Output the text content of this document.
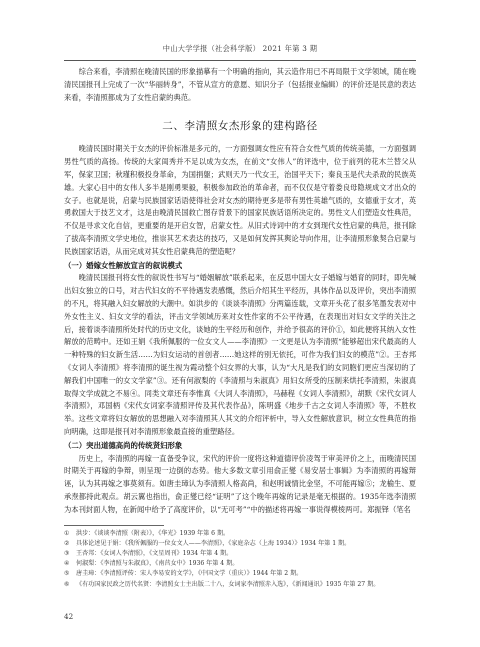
中山大学学报（社会科学版） 2021 年第 3 期

综合来看，李清照在晚清民国的形象描摹有一个明确的指向，其云造作用已不再局限于文学领域，随在晚清民国报刊上完成了一次“华丽转身”，不管从宣方的意愿、知识分子（包括报业编辑）的评价还是民意的表达来看，李清照都成为了女性启蒙的典范。

二、李清照女杰形象的建构路径

晚清民国时期关于女杰的评价标准是多元的，一方面强调女性应有符合女性气质的传统美德，一方面强调男性气质的高扬。传统的大家闺秀并不足以成为女杰，在前文“女伟人”的评选中，位于前列的花木兰替父从军，保家卫国；秋瑾积极投身革命，为国捐躯；武则天乃一代女王，治国平天下；秦良玉是代夫杀敌的民族英雄。大家心目中的女伟人多半是刚勇果毅，积极参加政治的革命者，而不仅仅是守着娄良母隐规成文才出众的女子。也就是说，启蒙与民族国家话语使得社会对女杰的期待更多是带有男性英雄气质的，女德重于女才，英勇救国大于技艺文才，这是由晚清民国救亡图存背景下的国家民族话语所决定的。男性文人们塑造女性典范，不仅是寻求文化自信，更重要的是开启女智，启蒙女性。从旧式诗词中的才女到现代女性启蒙的典范，报刊除了拔高李清照文学史地位，推崇其艺术表达的技巧，又是如何发挥其舆论导向作用，让李清照形象契合启蒙与民族国家话语，从而完成对其女性启蒙典范的塑造呢？

（一）婚嫁女性解放宣言的叙说模式

晚清民国报刊将女性的叙说性书写与“婚姻解放”联系起来，在反思中国大女子婚嫁与婚育的同时，即先喊出妇女独立的口号，对古代妇女的不平待遇发表感慨，然后介绍其生平经历，具体作品以及评价，突出李清照的不凡，将其融入妇女解放的大潮中。如洪步的《谈谈李清照》分两篇连载，文章开头花了很多笔墨发表对中外女性主义、妇女文学的看法，评击文学领域历来对女性作家的不公平待遇，在表现出对妇女文学的关注之后，接着谈李清照所处时代的历史文化，谈她的生平经历和创作，并给予很高的评价①，如此便将其纳入女性解放的范畴中。还如王娟《我所佩服的一位女文人——李清照》一文更是认为李清照“能够超出宋代最高的人一种特殊的妇女新生活……为妇女运动的首创者……她这样的别无依托，可作为我们妇女的模范”②。王杏邦《女词人李清照》将李清照的诞生视为霞动整个妇女界的大事，认为“大凡是我们的女同胞们更应当深切的了解我们中国唯一的女文学家”③。还有何淑梨的《李清照与朱淑真》用妇女所受的压制来烘托李清照，朱淑真取得文学成就之不易④。同类文章还有李惟真《大词人李清照》，马赫程《女词人李清照》，胡默《宋代女词人李清照》，邓国柄《宋代女词家李清照评传及其代表作品》，陈明盛《地步千古之女词人李清照》等，不胜枚举。这些文章将妇女解放的思想融入对李清照其人其文的介绍评析中，导入女性解放意识，树立女性典范的指向明确，这即是报刊对李清照形象最直接的重塑路径。

（二）突出道德高尚的传统贤妇形象

历史上，李清照的再嫁一直备受争议，宋代的评价一度将这种道德评价凌驾于审美评价之上，而晚清民国时期关于再嫁的争辩，则呈现一边倒的态势。他大多数文章引用俞正燮《易安居士事辑》为李清照的再嫁辩诬，认为其再嫁之事莫须有。如唐圭璋认为李清照人格高尚，和赵明诚情比金坚，不可能再嫁⑤；龙榆生、夏承焘都持此观点。胡云翼也指出，俞正燮已经“证明”了这个晚年再嫁的记录是毫无根据的。1935年选李清照为本刊封面人物，在新闻中给予了高度评价，以“无可考”“中的描述将再嫁一事说得模棱两可。郑振铎（笔名

① 洪步：《谈谈李清照（附表）》，《华光》1939 年第 6 期。
② 具体论述见于娟：《我所佩服的一位女文人——李清照》，《家庭杂志（上海 1934）》1934 年第 1 期。
③ 王杏邦：《女词人李清照》，《文星周刊》1934 年第 4 期。
④ 何淑梨：《李清照与朱淑真》，《南莒女中》1936 年第 4 期。
⑤ 唐圭璋：《李清照评传：宋人李易安的文学》，《中国文学（重庆）》1944 年第 2 期。
⑥ 《有功国家民政之历代名贤：李清照女士主出版二十八，女词家李清照赤入选》，《新闻通讯》1935 年第 27 期。
42
